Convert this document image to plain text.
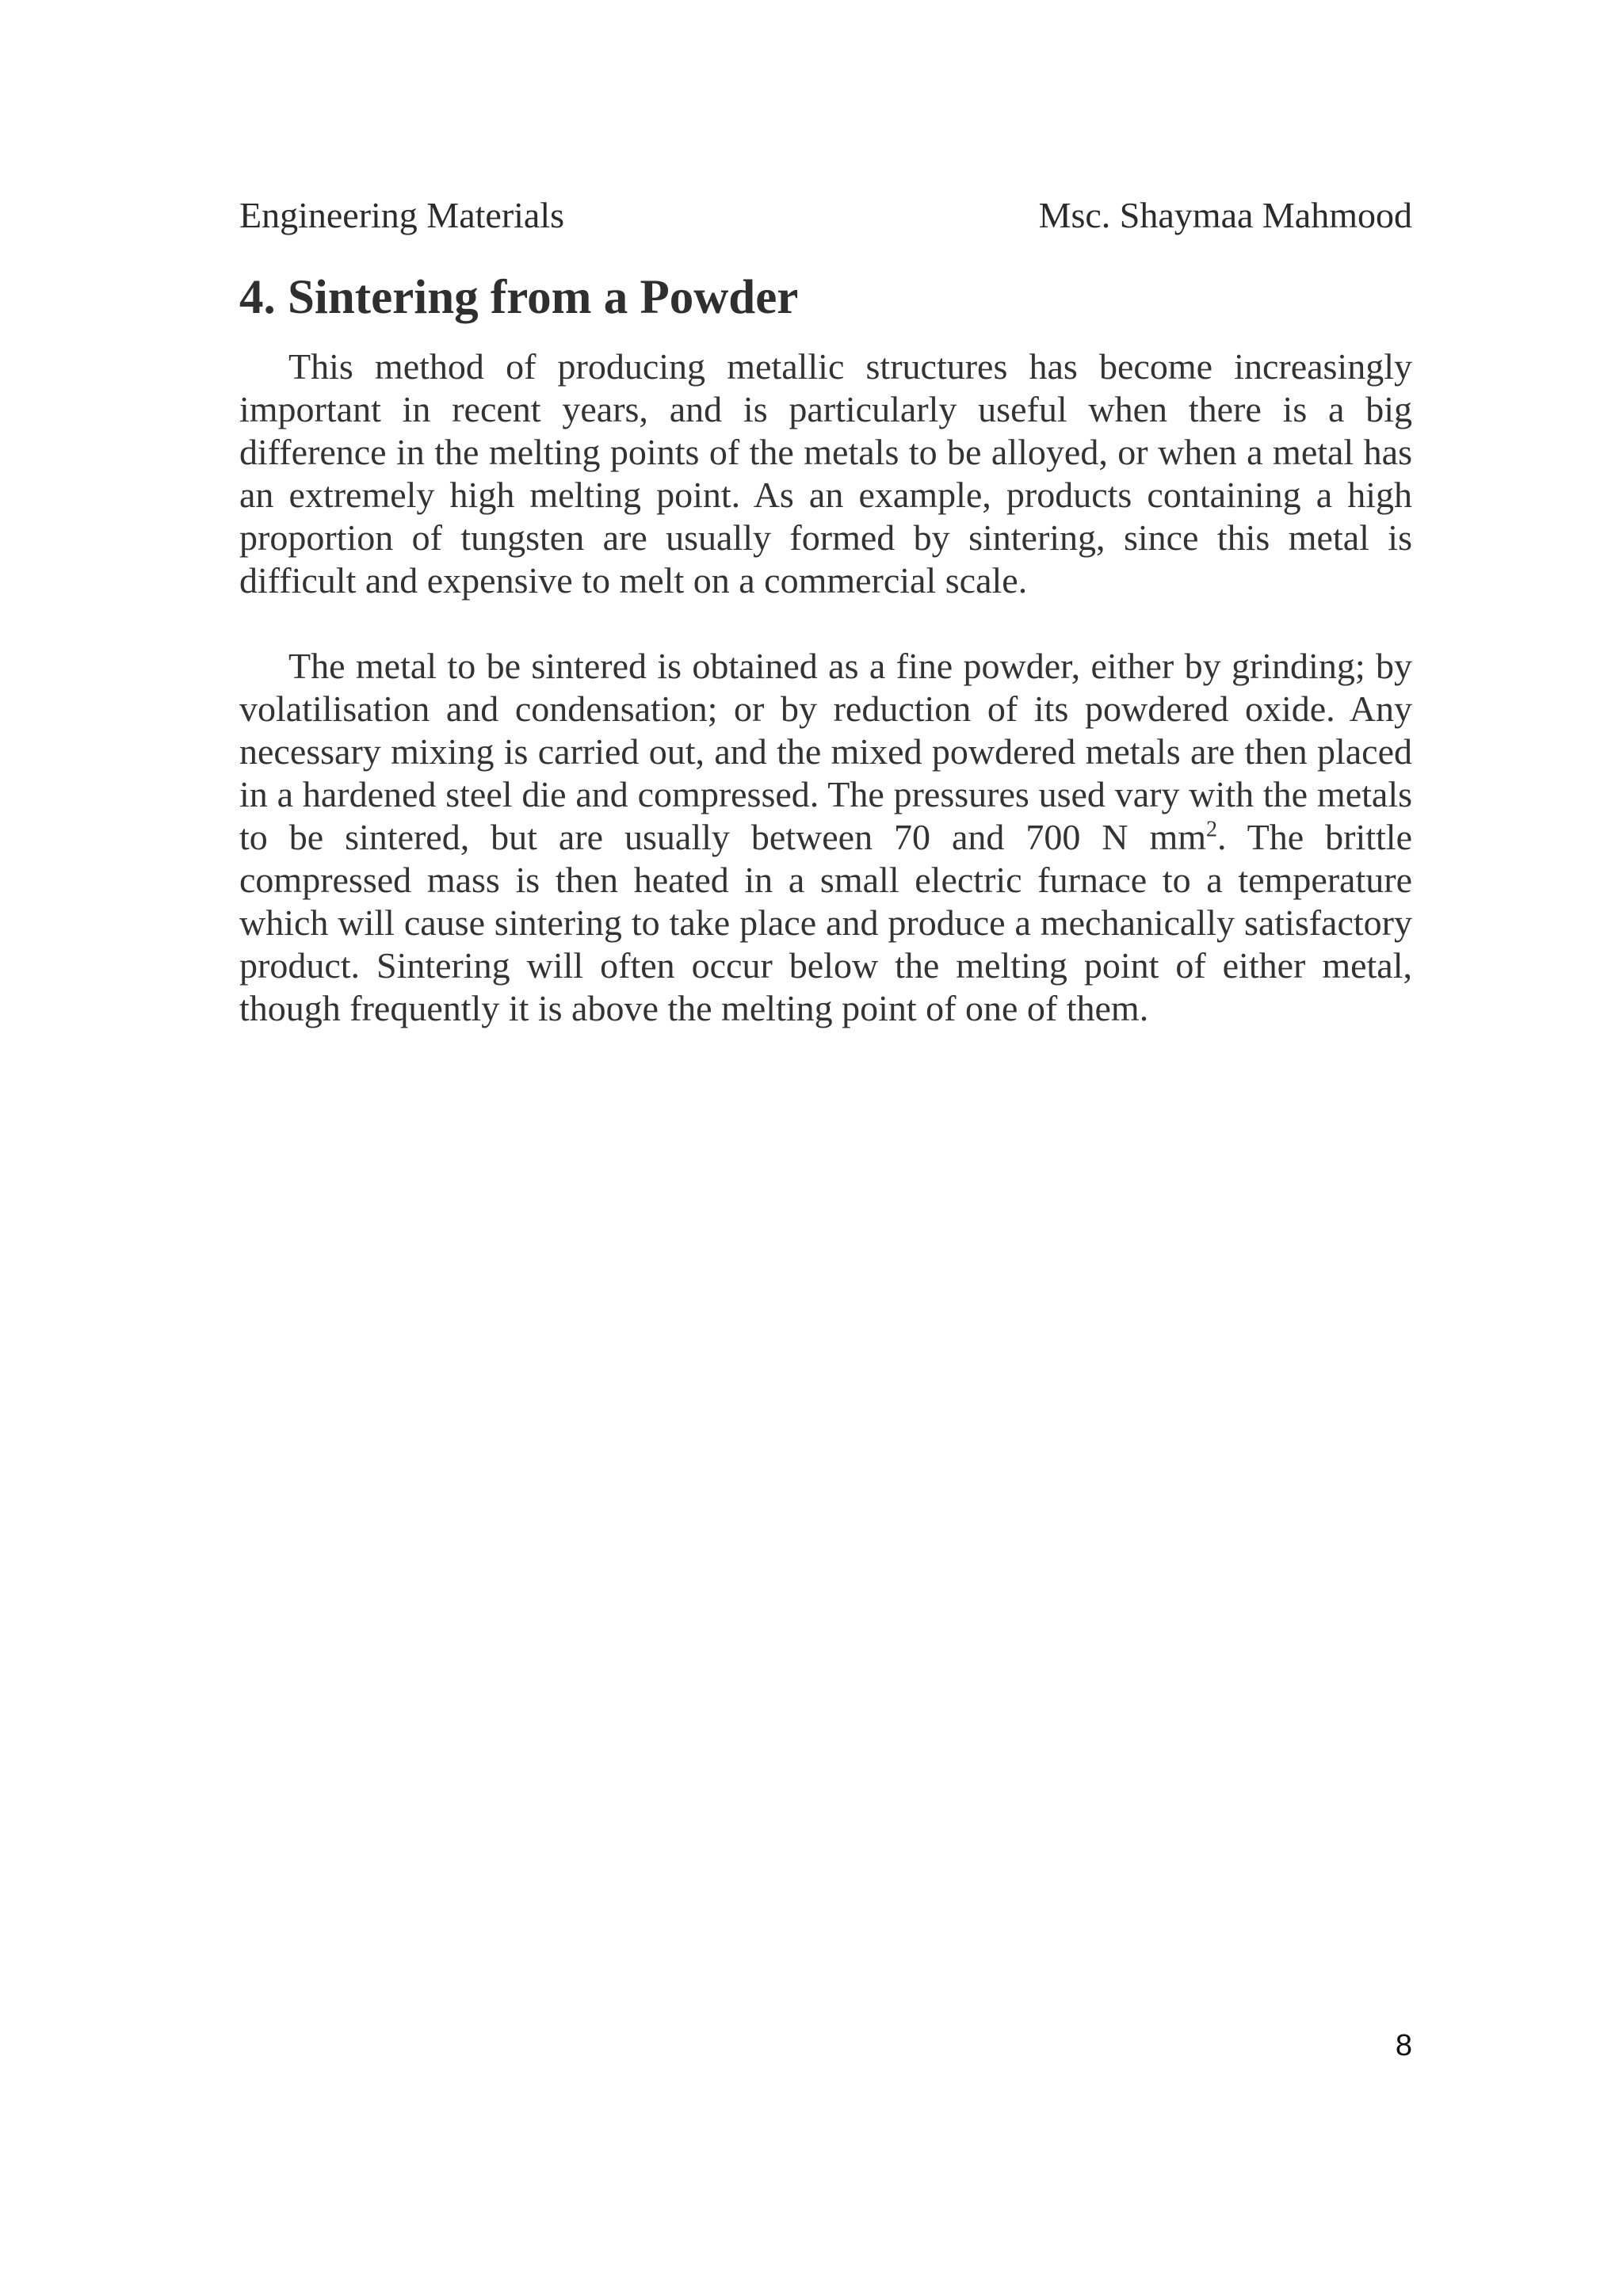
Engineering Materials	Msc. Shaymaa Mahmood
4. Sintering from a Powder

This method of producing metallic structures has become increasingly important in recent years, and is particularly useful when there is a big difference in the melting points of the metals to be alloyed, or when a metal has an extremely high melting point. As an example, products containing a high proportion of tungsten are usually formed by sintering, since this metal is difficult and expensive to melt on a commercial scale.

The metal to be sintered is obtained as a fine powder, either by grinding; by volatilisation and condensation; or by reduction of its powdered oxide. Any necessary mixing is carried out, and the mixed powdered metals are then placed in a hardened steel die and compressed. The pressures used vary with the metals to be sintered, but are usually between 70 and 700 N $mm^2$. The brittle compressed mass is then heated in a small electric furnace to a temperature which will cause sintering to take place and produce a mechanically satisfactory product. Sintering will often occur below the melting point of either metal, though frequently it is above the melting point of one of them.

8
